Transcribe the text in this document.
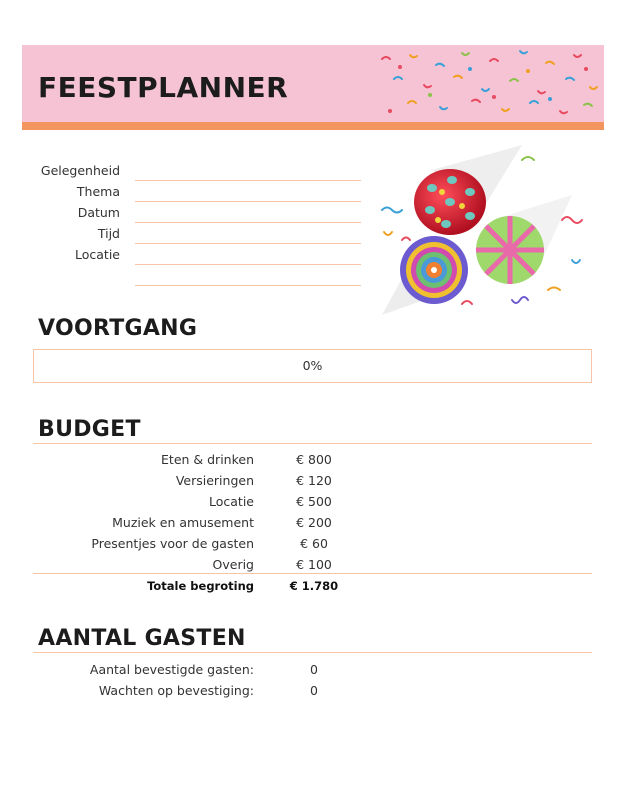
FEESTPLANNER
Gelegenheid
Thema
Datum
Tijd
Locatie
VOORTGANG
0%
BUDGET
Eten & drinken	€ 800
Versieringen	€ 120
Locatie	€ 500
Muziek en amusement	€ 200
Presentjes voor de gasten	€ 60
Overig	€ 100
Totale begroting	€ 1.780
AANTAL GASTEN
Aantal bevestigde gasten:	0
Wachten op bevestiging:	0
